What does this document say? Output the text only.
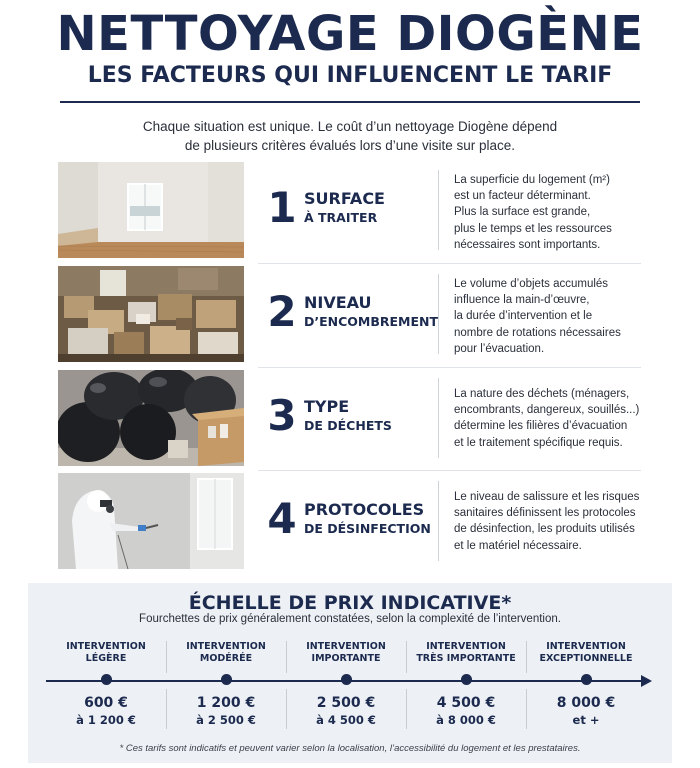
NETTOYAGE DIOGÈNE
LES FACTEURS QUI INFLUENCENT LE TARIF
Chaque situation est unique. Le coût d’un nettoyage Diogène dépend
de plusieurs critères évalués lors d’une visite sur place.
1 SURFACE
À TRAITER
La superficie du logement (m²)
est un facteur déterminant.
Plus la surface est grande,
plus le temps et les ressources
nécessaires sont importants.
2 NIVEAU
D’ENCOMBREMENT
Le volume d’objets accumulés
influence la main-d’œuvre,
la durée d’intervention et le
nombre de rotations nécessaires
pour l’évacuation.
3 TYPE
DE DÉCHETS
La nature des déchets (ménagers,
encombrants, dangereux, souillés...)
détermine les filières d’évacuation
et le traitement spécifique requis.
4 PROTOCOLES
DE DÉSINFECTION
Le niveau de salissure et les risques
sanitaires définissent les protocoles
de désinfection, les produits utilisés
et le matériel nécessaire.
ÉCHELLE DE PRIX INDICATIVE*
Fourchettes de prix généralement constatées, selon la complexité de l’intervention.
INTERVENTION
LÉGÈRE
600 €
à 1 200 €
INTERVENTION
MODÉRÉE
1 200 €
à 2 500 €
INTERVENTION
IMPORTANTE
2 500 €
à 4 500 €
INTERVENTION
TRÈS IMPORTANTE
4 500 €
à 8 000 €
INTERVENTION
EXCEPTIONNELLE
8 000 €
et +
* Ces tarifs sont indicatifs et peuvent varier selon la localisation, l’accessibilité du logement et les prestataires.
